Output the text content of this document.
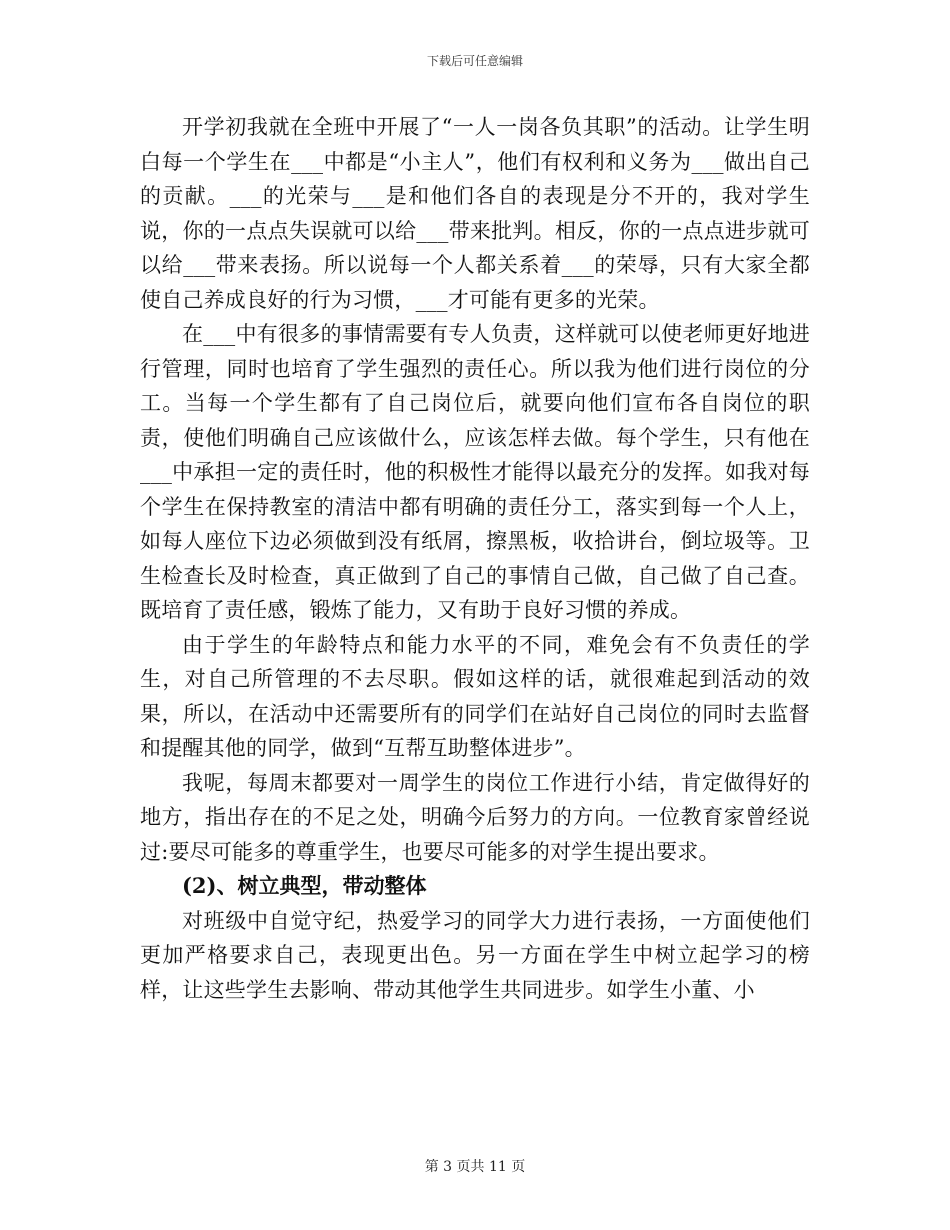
下载后可任意编辑

开学初我就在全班中开展了“一人一岗各负其职”的活动。让学生明白每一个学生在___中都是“小主人”，他们有权利和义务为___做出自己的贡献。___的光荣与___是和他们各自的表现是分不开的，我对学生说，你的一点点失误就可以给___带来批判。相反，你的一点点进步就可以给___带来表扬。所以说每一个人都关系着___的荣辱，只有大家全都使自己养成良好的行为习惯，___才可能有更多的光荣。

在___中有很多的事情需要有专人负责，这样就可以使老师更好地进行管理，同时也培育了学生强烈的责任心。所以我为他们进行岗位的分工。当每一个学生都有了自己岗位后，就要向他们宣布各自岗位的职责，使他们明确自己应该做什么，应该怎样去做。每个学生，只有他在___中承担一定的责任时，他的积极性才能得以最充分的发挥。如我对每个学生在保持教室的清洁中都有明确的责任分工，落实到每一个人上，如每人座位下边必须做到没有纸屑，擦黑板，收拾讲台，倒垃圾等。卫生检查长及时检查，真正做到了自己的事情自己做，自己做了自己查。既培育了责任感，锻炼了能力，又有助于良好习惯的养成。

由于学生的年龄特点和能力水平的不同，难免会有不负责任的学生，对自己所管理的不去尽职。假如这样的话，就很难起到活动的效果，所以，在活动中还需要所有的同学们在站好自己岗位的同时去监督和提醒其他的同学，做到“互帮互助整体进步”。

我呢，每周末都要对一周学生的岗位工作进行小结，肯定做得好的地方，指出存在的不足之处，明确今后努力的方向。一位教育家曾经说过:要尽可能多的尊重学生，也要尽可能多的对学生提出要求。

(2)、树立典型，带动整体

对班级中自觉守纪，热爱学习的同学大力进行表扬，一方面使他们更加严格要求自己，表现更出色。另一方面在学生中树立起学习的榜样，让这些学生去影响、带动其他学生共同进步。如学生小董、小

第 3 页共 11 页
